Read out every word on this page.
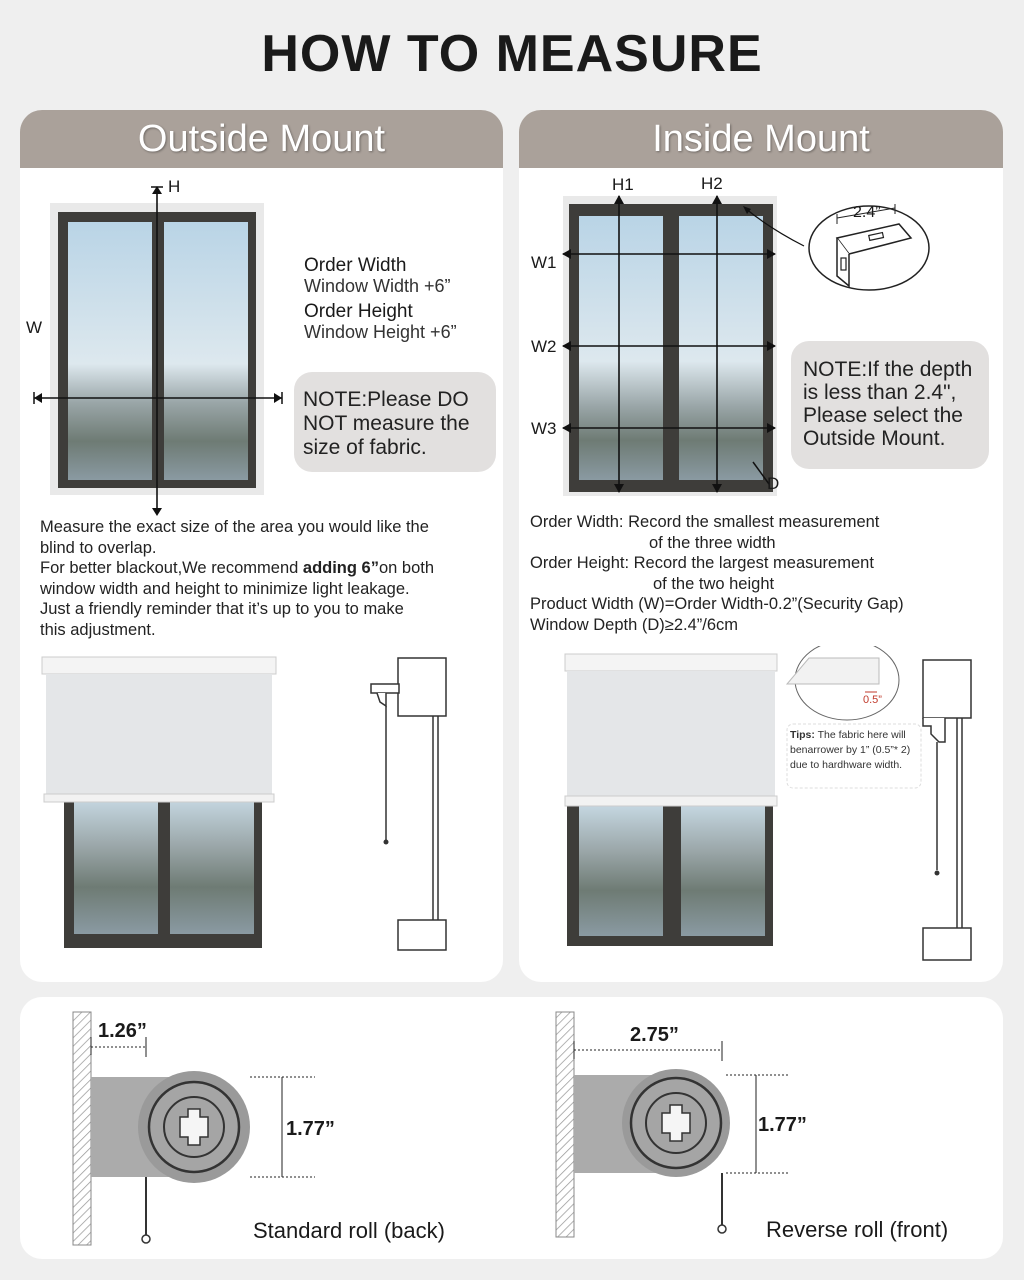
HOW TO MEASURE
Outside Mount
H
W
Order Width
Window Width +6”
Order Height
Window Height +6”
NOTE:Please DO
NOT measure the
size of fabric.
Measure the exact size of the area you would like the
blind to overlap.
For better blackout,We recommend adding 6”on both
window width and height to minimize light leakage.
Just a friendly reminder that it’s up to you to make
this adjustment.
Inside Mount
H1	H2
W1
W2
W3
D
2.4”
NOTE:If the depth
is less than 2.4",
Please select the
Outside Mount.
Order Width: Record the smallest measurement
of the three width
Order Height: Record the largest measurement
of the two height
Product Width (W)=Order Width-0.2”(Security Gap)
Window Depth (D)≥2.4”/6cm
0.5”
Tips: The fabric here will
benarrower by 1” (0.5”* 2)
due to hardhware width.
1.26”
1.77”
Standard roll (back)
2.75”
1.77”
Reverse roll (front)
